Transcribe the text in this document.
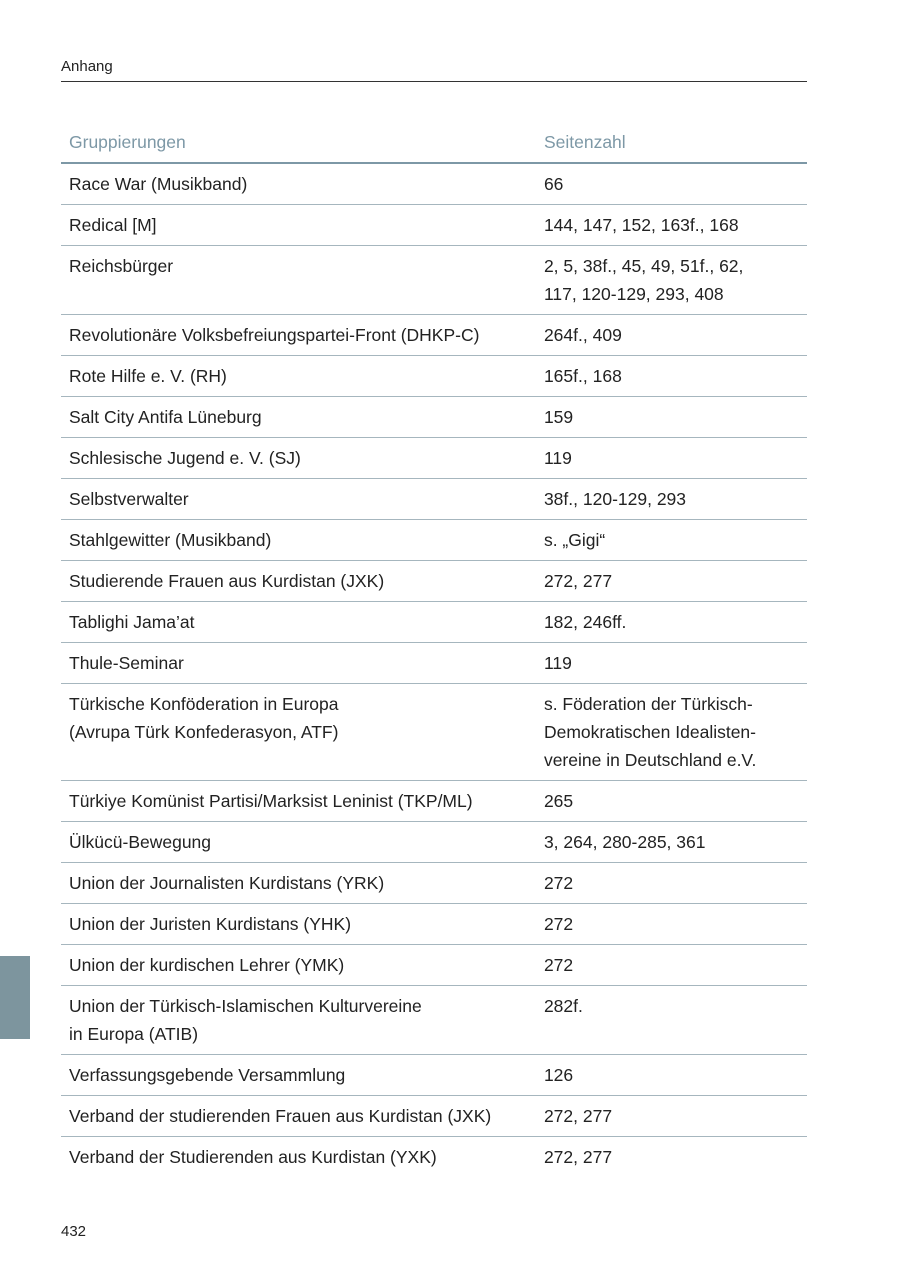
Anhang
Gruppierungen	Seitenzahl

Race War (Musikband)	66

Redical [M]	144, 147, 152, 163f., 168

Reichsbürger	2, 5, 38f., 45, 49, 51f., 62,
117, 120-129, 293, 408

Revolutionäre Volksbefreiungspartei-Front (DHKP-C)	264f., 409

Rote Hilfe e. V. (RH)	165f., 168

Salt City Antifa Lüneburg	159

Schlesische Jugend e. V. (SJ)	119

Selbstverwalter	38f., 120-129, 293

Stahlgewitter (Musikband)	s. „Gigi“

Studierende Frauen aus Kurdistan (JXK)	272, 277

Tablighi Jama’at	182, 246ff.

Thule-Seminar	119

Türkische Konföderation in Europa
(Avrupa Türk Konfederasyon, ATF)	s. Föderation der Türkisch-
Demokratischen Idealisten-
vereine in Deutschland e.V.

Türkiye Komünist Partisi/Marksist Leninist (TKP/ML)	265

Ülkücü-Bewegung	3, 264, 280-285, 361

Union der Journalisten Kurdistans (YRK)	272

Union der Juristen Kurdistans (YHK)	272

Union der kurdischen Lehrer (YMK)	272

Union der Türkisch-Islamischen Kulturvereine
in Europa (ATIB)	282f.

Verfassungsgebende Versammlung	126

Verband der studierenden Frauen aus Kurdistan (JXK)	272, 277

Verband der Studierenden aus Kurdistan (YXK)	272, 277
432
